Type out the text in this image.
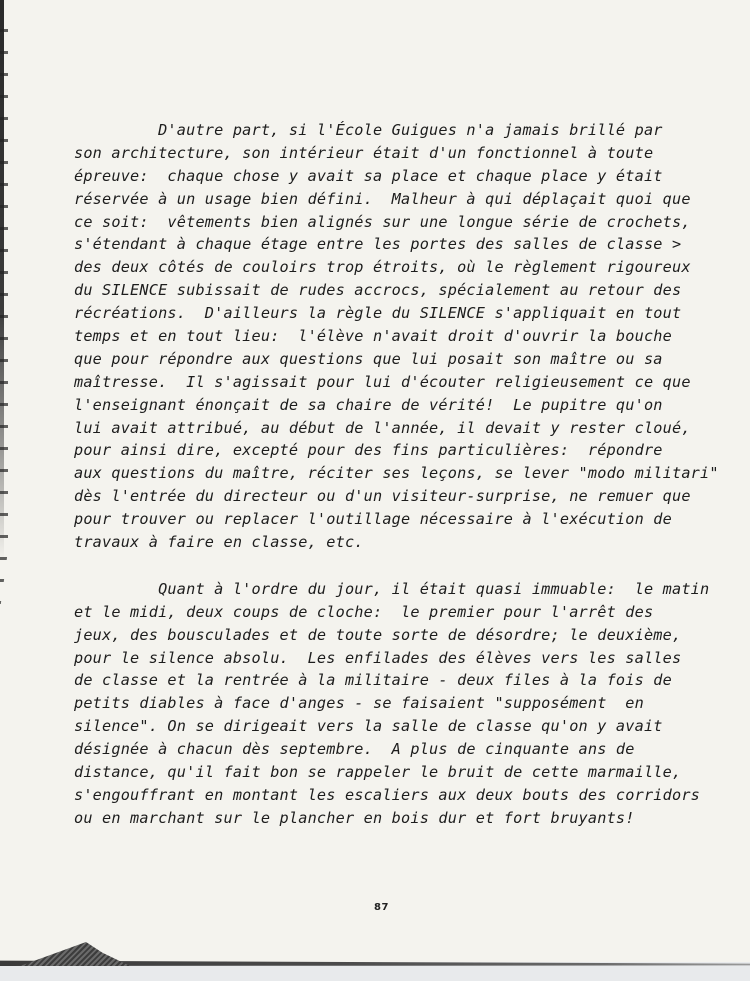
D'autre part, si l'École Guigues n'a jamais brillé par
son architecture, son intérieur était d'un fonctionnel à toute
épreuve:  chaque chose y avait sa place et chaque place y était
réservée à un usage bien défini.  Malheur à qui déplaçait quoi que
ce soit:  vêtements bien alignés sur une longue série de crochets,
s'étendant à chaque étage entre les portes des salles de classe >
des deux côtés de couloirs trop étroits, où le règlement rigoureux
du SILENCE subissait de rudes accrocs, spécialement au retour des
récréations.  D'ailleurs la règle du SILENCE s'appliquait en tout
temps et en tout lieu:  l'élève n'avait droit d'ouvrir la bouche
que pour répondre aux questions que lui posait son maître ou sa
maîtresse.  Il s'agissait pour lui d'écouter religieusement ce que
l'enseignant énonçait de sa chaire de vérité!  Le pupitre qu'on
lui avait attribué, au début de l'année, il devait y rester cloué,
pour ainsi dire, excepté pour des fins particulières:  répondre
aux questions du maître, réciter ses leçons, se lever "modo militari"
dès l'entrée du directeur ou d'un visiteur-surprise, ne remuer que
pour trouver ou replacer l'outillage nécessaire à l'exécution de
travaux à faire en classe, etc.
Quant à l'ordre du jour, il était quasi immuable:  le matin
et le midi, deux coups de cloche:  le premier pour l'arrêt des
jeux, des bousculades et de toute sorte de désordre; le deuxième,
pour le silence absolu.  Les enfilades des élèves vers les salles
de classe et la rentrée à la militaire - deux files à la fois de
petits diables à face d'anges - se faisaient "supposément  en
silence". On se dirigeait vers la salle de classe qu'on y avait
désignée à chacun dès septembre.  A plus de cinquante ans de
distance, qu'il fait bon se rappeler le bruit de cette marmaille,
s'engouffrant en montant les escaliers aux deux bouts des corridors
ou en marchant sur le plancher en bois dur et fort bruyants!
87
